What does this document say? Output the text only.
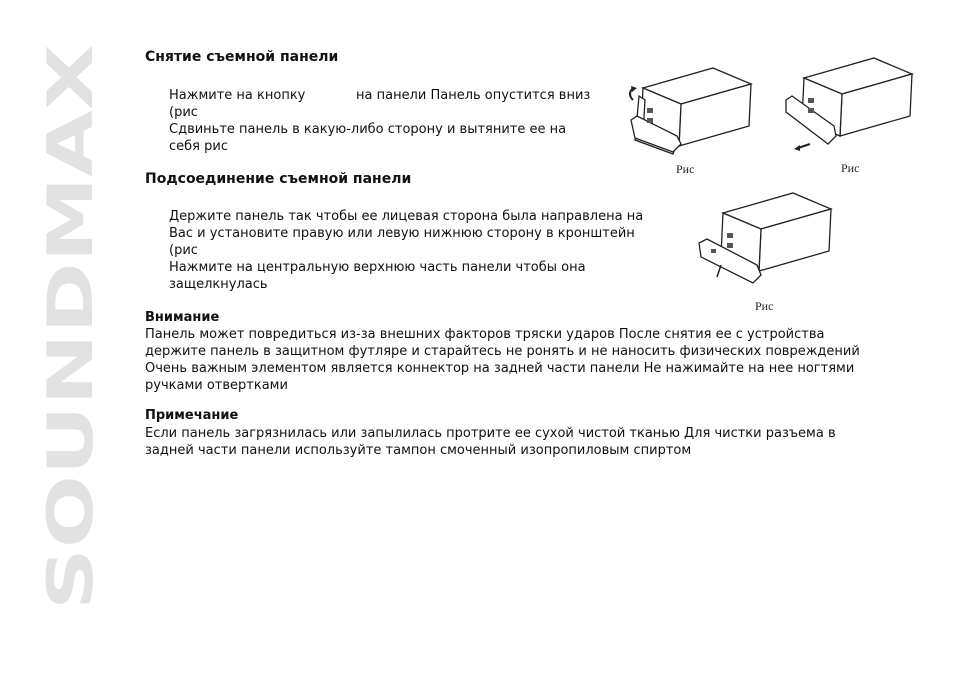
SOUNDMAX
Снятие съемной панели

Нажмите на кнопку	на панели Панель опустится вниз

(рис

Сдвиньте панель в какую-либо сторону и вытяните ее на

себя рис

Рис	Рис
Подсоединение съемной панели

Держите панель так чтобы ее лицевая сторона была направлена на

Вас и установите правую или левую нижнюю сторону в кронштейн

(рис

Нажмите на центральную верхнюю часть панели чтобы она

защелкнулась

Рис
Внимание

Панель может повредиться из-за внешних факторов тряски ударов После снятия ее с устройства

держите панель в защитном футляре и старайтесь не ронять и не наносить физических повреждений

Очень важным элементом является коннектор на задней части панели Не нажимайте на нее ногтями

ручками отвертками

Примечание

Если панель загрязнилась или запылилась протрите ее сухой чистой тканью Для чистки разъема в

задней части панели используйте тампон смоченный изопропиловым спиртом
